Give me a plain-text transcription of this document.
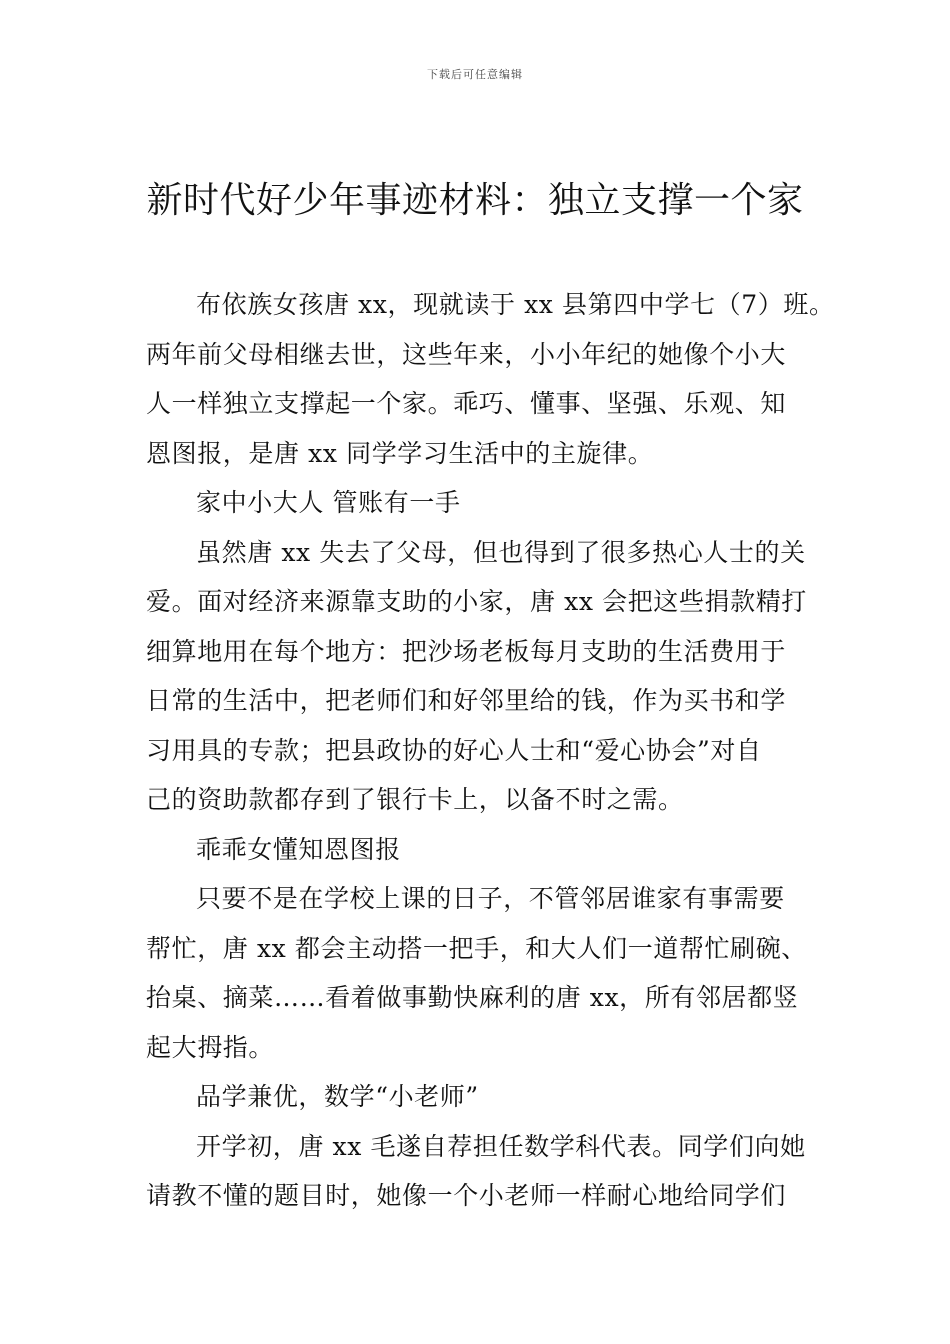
下载后可任意编辑
新时代好少年事迹材料：独立支撑一个家
布依族女孩唐 xx，现就读于 xx 县第四中学七（7）班。
两年前父母相继去世，这些年来，小小年纪的她像个小大
人一样独立支撑起一个家。乖巧、懂事、坚强、乐观、知
恩图报，是唐 xx 同学学习生活中的主旋律。
家中小大人 管账有一手
虽然唐 xx 失去了父母，但也得到了很多热心人士的关
爱。面对经济来源靠支助的小家，唐 xx 会把这些捐款精打
细算地用在每个地方：把沙场老板每月支助的生活费用于
日常的生活中，把老师们和好邻里给的钱，作为买书和学
习用具的专款；把县政协的好心人士和“爱心协会”对自
己的资助款都存到了银行卡上，以备不时之需。
乖乖女懂知恩图报
只要不是在学校上课的日子，不管邻居谁家有事需要
帮忙，唐 xx 都会主动搭一把手，和大人们一道帮忙刷碗、
抬桌、摘菜……看着做事勤快麻利的唐 xx，所有邻居都竖
起大拇指。
品学兼优，数学“小老师”
开学初，唐 xx 毛遂自荐担任数学科代表。同学们向她
请教不懂的题目时，她像一个小老师一样耐心地给同学们
